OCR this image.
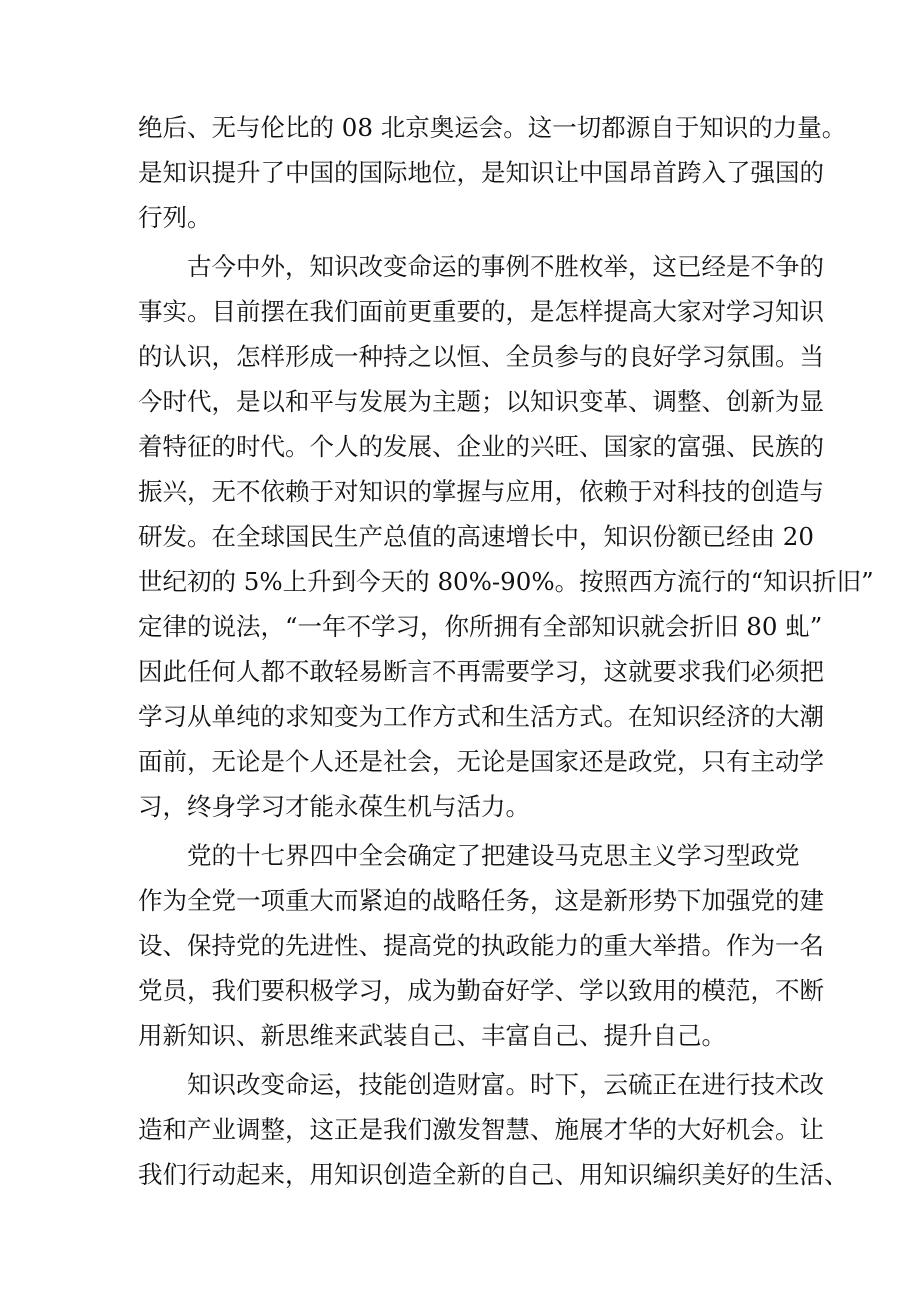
绝后、无与伦比的 08 北京奥运会。这一切都源自于知识的力量。
是知识提升了中国的国际地位，是知识让中国昂首跨入了强国的
行列。
古今中外，知识改变命运的事例不胜枚举，这已经是不争的
事实。目前摆在我们面前更重要的，是怎样提高大家对学习知识
的认识，怎样形成一种持之以恒、全员参与的良好学习氛围。当
今时代，是以和平与发展为主题；以知识变革、调整、创新为显
着特征的时代。个人的发展、企业的兴旺、国家的富强、民族的
振兴，无不依赖于对知识的掌握与应用，依赖于对科技的创造与
研发。在全球国民生产总值的高速增长中，知识份额已经由 20
世纪初的 5%上升到今天的 80%-90%。按照西方流行的“知识折旧”
定律的说法，“一年不学习，你所拥有全部知识就会折旧 80 虬”
因此任何人都不敢轻易断言不再需要学习，这就要求我们必须把
学习从单纯的求知变为工作方式和生活方式。在知识经济的大潮
面前，无论是个人还是社会，无论是国家还是政党，只有主动学
习，终身学习才能永葆生机与活力。
党的十七界四中全会确定了把建设马克思主义学习型政党
作为全党一项重大而紧迫的战略任务，这是新形势下加强党的建
设、保持党的先进性、提高党的执政能力的重大举措。作为一名
党员，我们要积极学习，成为勤奋好学、学以致用的模范，不断
用新知识、新思维来武装自己、丰富自己、提升自己。
知识改变命运，技能创造财富。时下，云硫正在进行技术改
造和产业调整，这正是我们激发智慧、施展才华的大好机会。让
我们行动起来，用知识创造全新的自己、用知识编织美好的生活、
